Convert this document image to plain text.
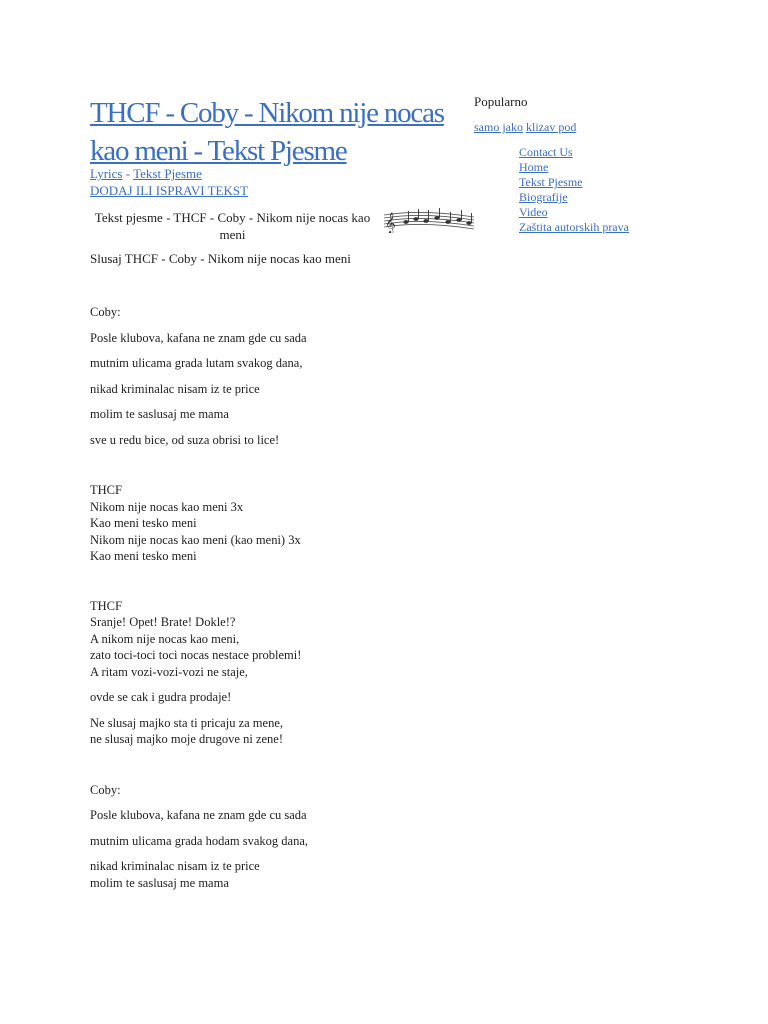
THCF - Coby - Nikom nije nocas kao meni - Tekst Pjesme
Lyrics - Tekst Pjesme
DODAJ ILI ISPRAVI TEKST
Tekst pjesme - THCF - Coby - Nikom nije nocas kao meni
𝄞
Popularno
samo jako klizav pod
Contact Us
Home
Tekst Pjesme
Biografije
Video
Zaštita autorskih prava
Slusaj THCF - Coby - Nikom nije nocas kao meni

Coby:

Posle klubova, kafana ne znam gde cu sada

mutnim ulicama grada lutam svakog dana,

nikad kriminalac nisam iz te price

molim te saslusaj me mama

sve u redu bice, od suza obrisi to lice!

THCF

Nikom nije nocas kao meni 3x

Kao meni tesko meni

Nikom nije nocas kao meni (kao meni) 3x

Kao meni tesko meni

THCF

Sranje! Opet! Brate! Dokle!?

A nikom nije nocas kao meni,

zato toci-toci toci nocas nestace problemi!

A ritam vozi-vozi-vozi ne staje,

ovde se cak i gudra prodaje!

Ne slusaj majko sta ti pricaju za mene,

ne slusaj majko moje drugove ni zene!

Coby:

Posle klubova, kafana ne znam gde cu sada

mutnim ulicama grada hodam svakog dana,

nikad kriminalac nisam iz te price

molim te saslusaj me mama
